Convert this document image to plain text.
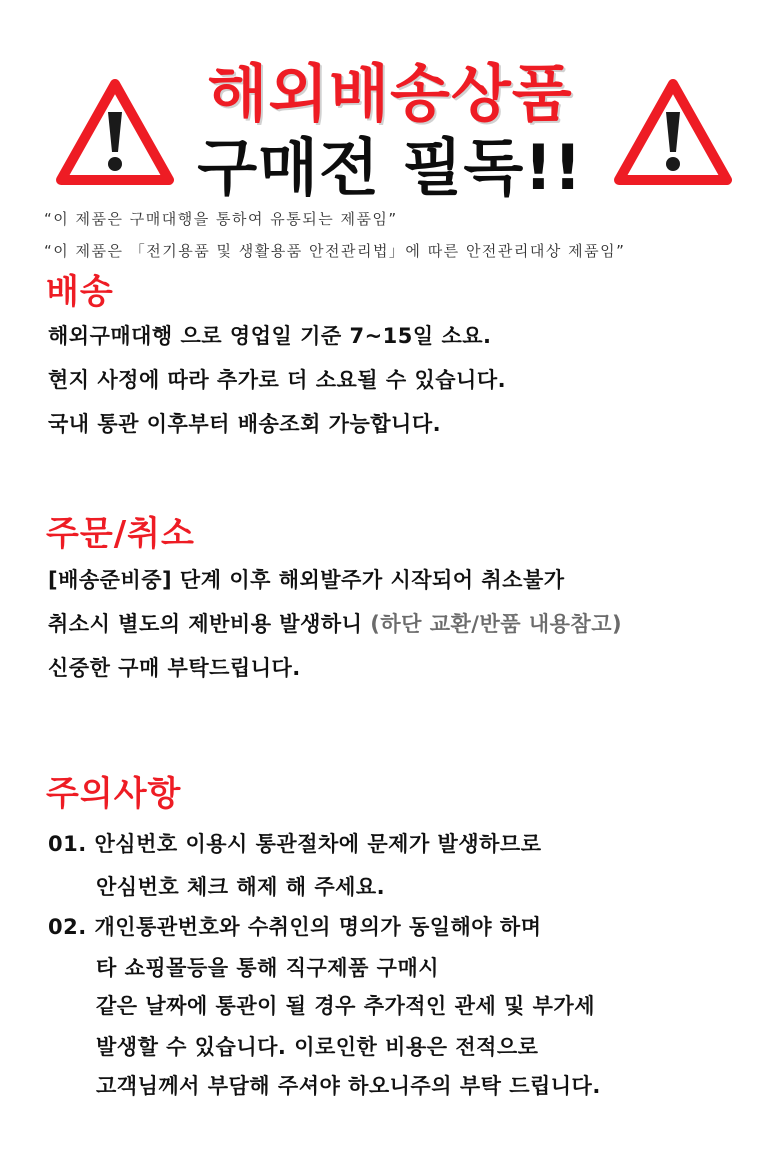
해외배송상품
구매전 필독!!
“이 제품은 구매대행을 통하여 유통되는 제품임”
“이 제품은 「전기용품 및 생활용품 안전관리법」에 따른 안전관리대상 제품임”
배송
해외구매대행 으로 영업일 기준 7~15일 소요.
현지 사정에 따라 추가로 더 소요될 수 있습니다.
국내 통관 이후부터 배송조회 가능합니다.
주문/취소
[배송준비중] 단계 이후 해외발주가 시작되어 취소불가
취소시 별도의 제반비용 발생하니 (하단 교환/반품 내용참고)
신중한 구매 부탁드립니다.
주의사항
01. 안심번호 이용시 통관절차에 문제가 발생하므로
안심번호 체크 해제 해 주세요.
02. 개인통관번호와 수취인의 명의가 동일해야 하며
타 쇼핑몰등을 통해 직구제품 구매시
같은 날짜에 통관이 될 경우 추가적인 관세 및 부가세
발생할 수 있습니다. 이로인한 비용은 전적으로
고객님께서 부담해 주셔야 하오니주의 부탁 드립니다.
